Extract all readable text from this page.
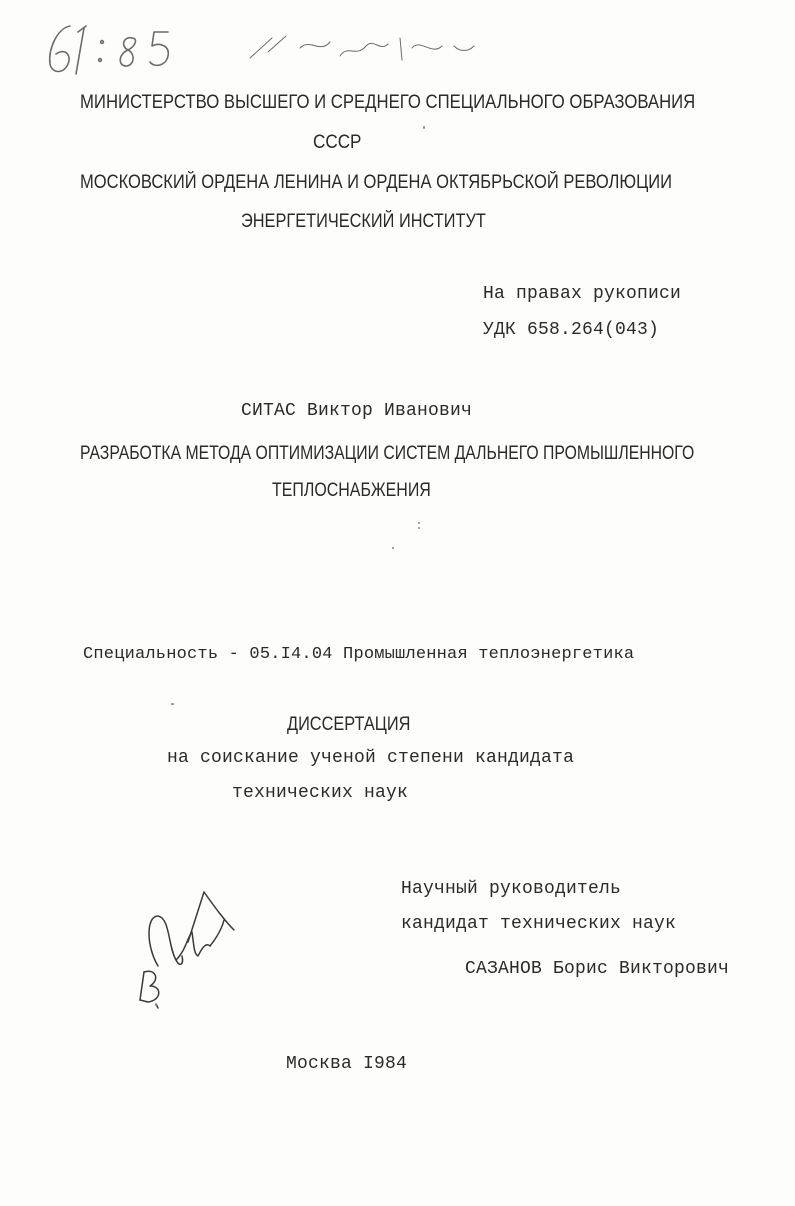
МИНИСТЕРСТВО ВЫСШЕГО И СРЕДНЕГО СПЕЦИАЛЬНОГО ОБРАЗОВАНИЯ
СССР
МОСКОВСКИЙ ОРДЕНА ЛЕНИНА И ОРДЕНА ОКТЯБРЬСКОЙ РЕВОЛЮЦИИ
ЭНЕРГЕТИЧЕСКИЙ ИНСТИТУТ
На правах рукописи
УДК 658.264(043)
СИТАС Виктор Иванович
РАЗРАБОТКА МЕТОДА ОПТИМИЗАЦИИ СИСТЕМ ДАЛЬНЕГО ПРОМЫШЛЕННОГО
ТЕПЛОСНАБЖЕНИЯ
Специальность - 05.I4.04 Промышленная теплоэнергетика
ДИССЕРТАЦИЯ
на соискание ученой степени кандидата
технических наук
Научный руководитель
кандидат технических наук
САЗАНОВ Борис Викторович
Москва I984
